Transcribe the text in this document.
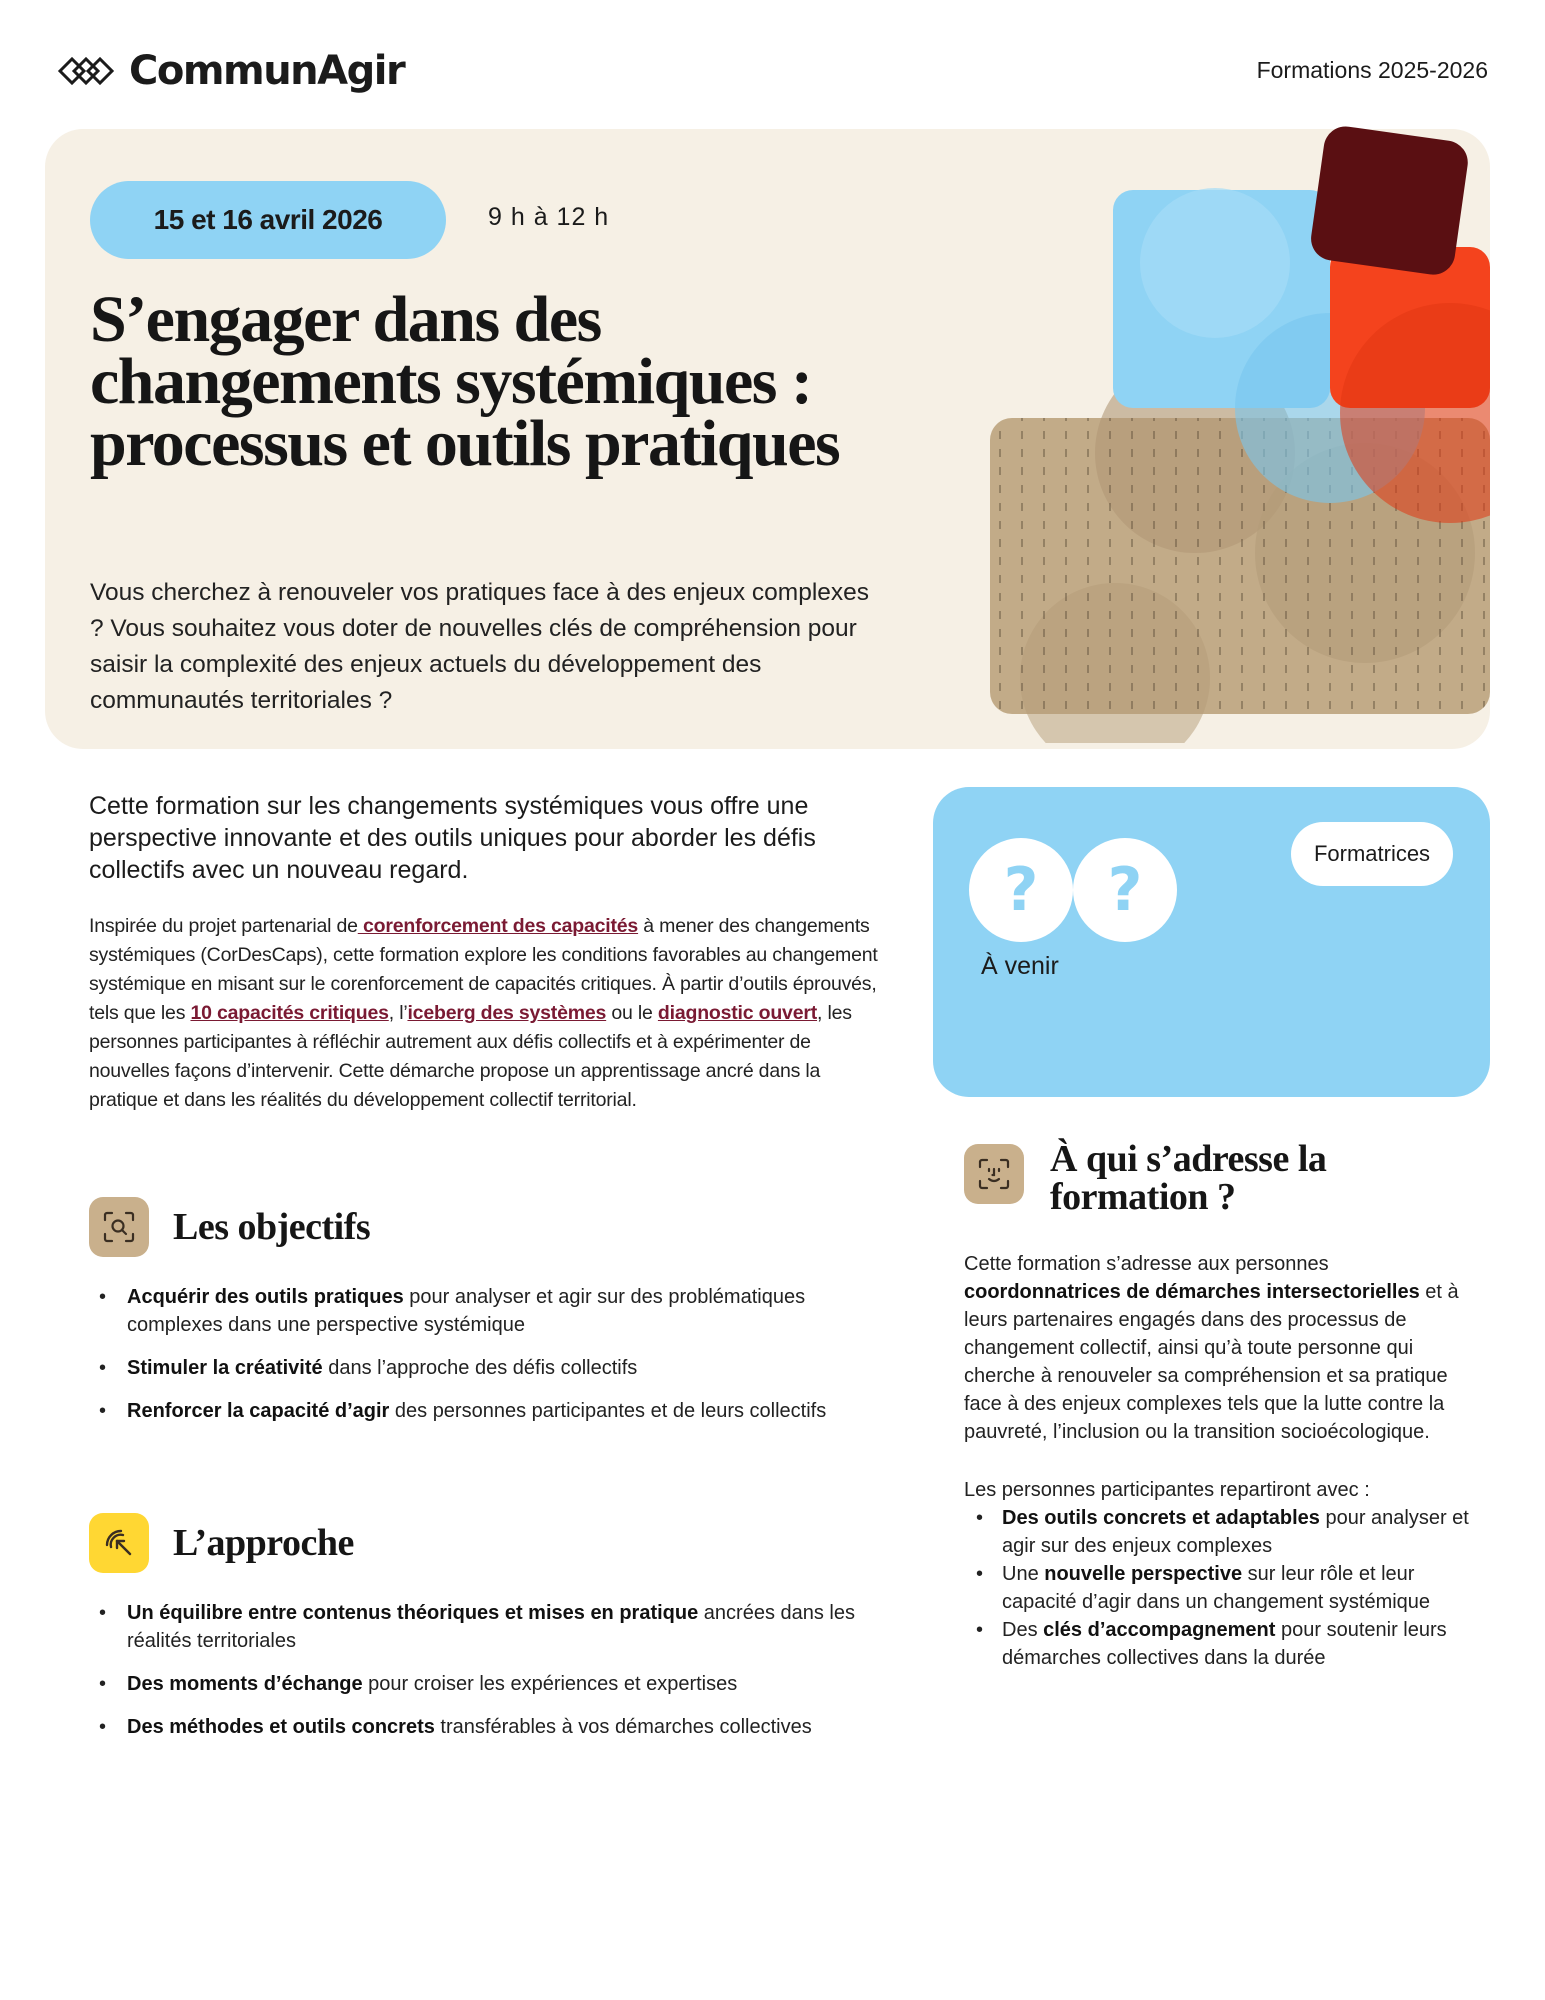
CommunAgir	Formations 2025-2026
15 et 16 avril 2026	9 h à 12 h
S’engager dans des changements systémiques : processus et outils pratiques

Vous cherchez à renouveler vos pratiques face à des enjeux complexes ? Vous souhaitez vous doter de nouvelles clés de compréhension pour saisir la complexité des enjeux actuels du développement des communautés territoriales ?

Cette formation sur les changements systémiques vous offre une perspective innovante et des outils uniques pour aborder les défis collectifs avec un nouveau regard.

Inspirée du projet partenarial de corenforcement des capacités à mener des changements systémiques (CorDesCaps), cette formation explore les conditions favorables au changement systémique en misant sur le corenforcement de capacités critiques. À partir d’outils éprouvés, tels que les 10 capacités critiques, l’iceberg des systèmes ou le diagnostic ouvert, les personnes participantes à réfléchir autrement aux défis collectifs et à expérimenter de nouvelles façons d’intervenir. Cette démarche propose un apprentissage ancré dans la pratique et dans les réalités du développement collectif territorial.

Les objectifs
• Acquérir des outils pratiques pour analyser et agir sur des problématiques complexes dans une perspective systémique
• Stimuler la créativité dans l’approche des défis collectifs
• Renforcer la capacité d’agir des personnes participantes et de leurs collectifs
L’approche
• Un équilibre entre contenus théoriques et mises en pratique ancrées dans les réalités territoriales
• Des moments d’échange pour croiser les expériences et expertises
• Des méthodes et outils concrets transférables à vos démarches collectives
?	?
Formatrices
À venir
À qui s’adresse la formation ?

Cette formation s’adresse aux personnes coordonnatrices de démarches intersectorielles et à leurs partenaires engagés dans des processus de changement collectif, ainsi qu’à toute personne qui cherche à renouveler sa compréhension et sa pratique face à des enjeux complexes tels que la lutte contre la pauvreté, l’inclusion ou la transition socioécologique.

Les personnes participantes repartiront avec :

• Des outils concrets et adaptables pour analyser et agir sur des enjeux complexes
• Une nouvelle perspective sur leur rôle et leur capacité d’agir dans un changement systémique
• Des clés d’accompagnement pour soutenir leurs démarches collectives dans la durée
